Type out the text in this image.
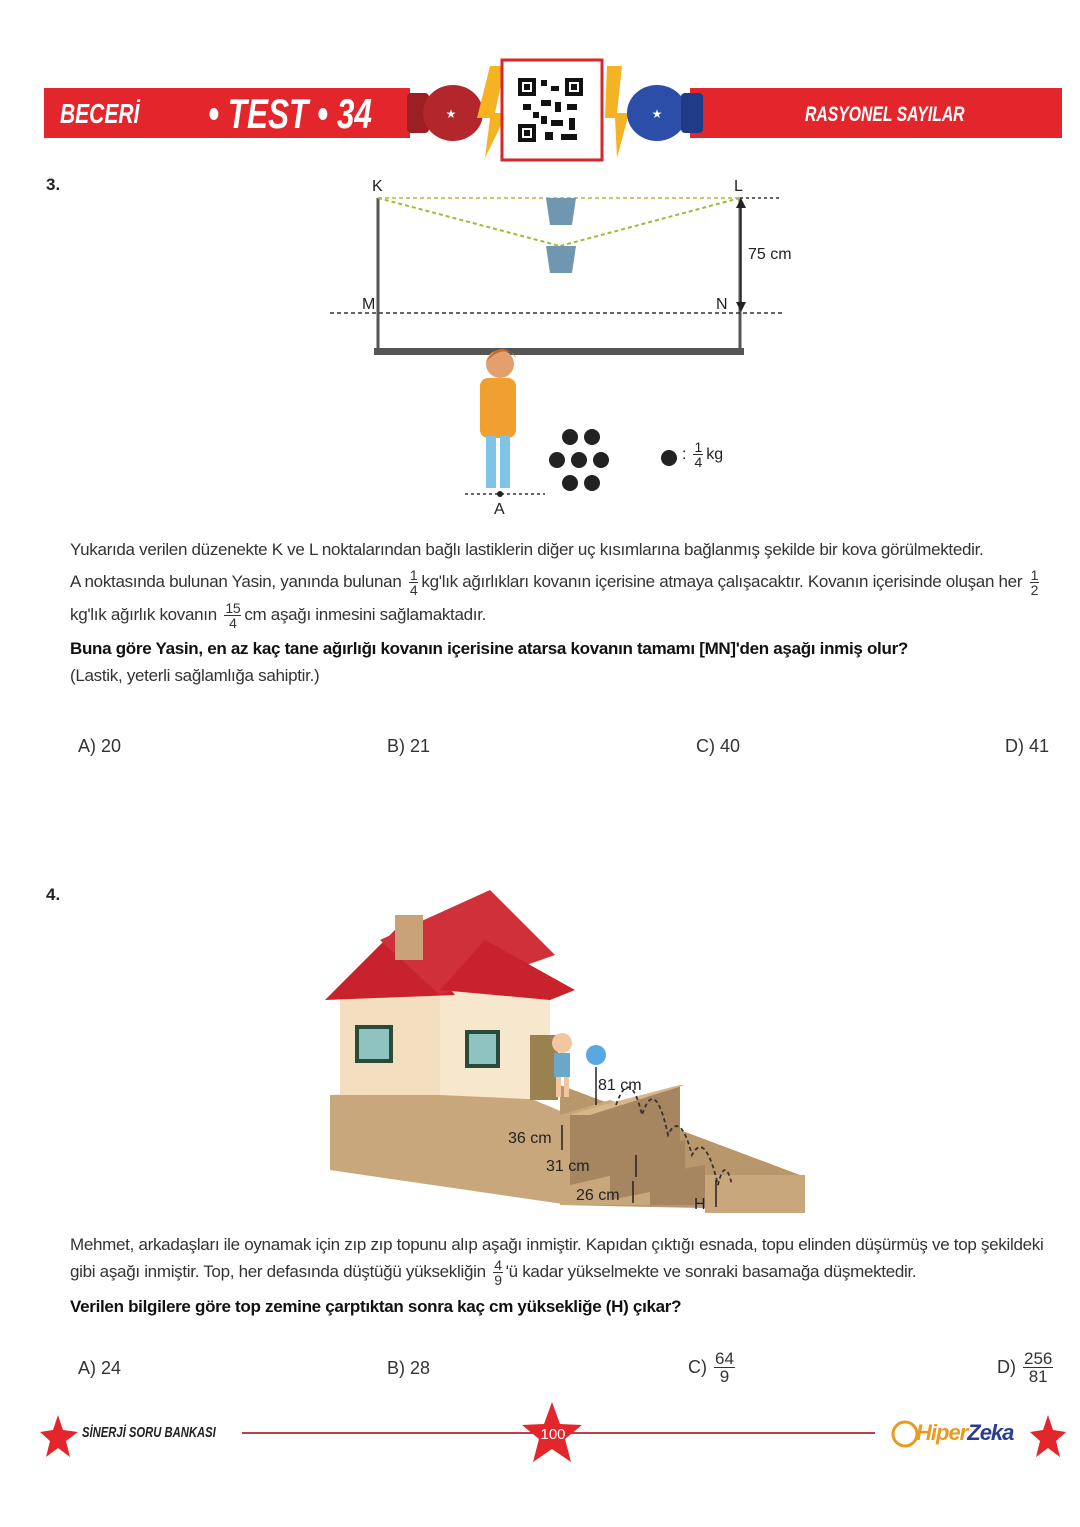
BECERİ • TEST • 34	RASYONEL SAYILAR
★	★
3.	K	L
M	N
A
75 cm
: $\frac{1}{4}$ kg

Yukarıda verilen düzenekte K ve L noktalarından bağlı lastiklerin diğer uç kısımlarına bağlanmış şekilde bir kova görülmektedir.

A noktasında bulunan Yasin, yanında bulunan $\frac{1}{4}$ kg'lık ağırlıkları kovanın içerisine atmaya çalışacaktır. Kovanın içerisinde oluşan her $\frac{1}{2}$
kg'lık ağırlık kovanın $\frac{15}{4}$ cm aşağı inmesini sağlamaktadır.

Buna göre Yasin, en az kaç tane ağırlığı kovanın içerisine atarsa kovanın tamamı [MN]'den aşağı inmiş olur?

(Lastik, yeterli sağlamlığa sahiptir.)

A) 20	B) 21	C) 40	D) 41
4.
81 cm
36 cm
31 cm
26 cm
H

Mehmet, arkadaşları ile oynamak için zıp zıp topunu alıp aşağı inmiştir. Kapıdan çıktığı esnada, topu elinden düşürmüş ve top şekildeki gibi aşağı inmiştir. Top, her defasında düştüğü yüksekliğin $\frac{4}{9}$ 'ü kadar yükselmekte ve sonraki basamağa düşmektedir.

Verilen bilgilere göre top zemine çarptıktan sonra kaç cm yüksekliğe (H) çıkar?

A) 24	B) 28	$C) \frac{64}{9}$	$D) \frac{256}{81}$
SİNERJİ SORU BANKASI	100	HiperZeka
